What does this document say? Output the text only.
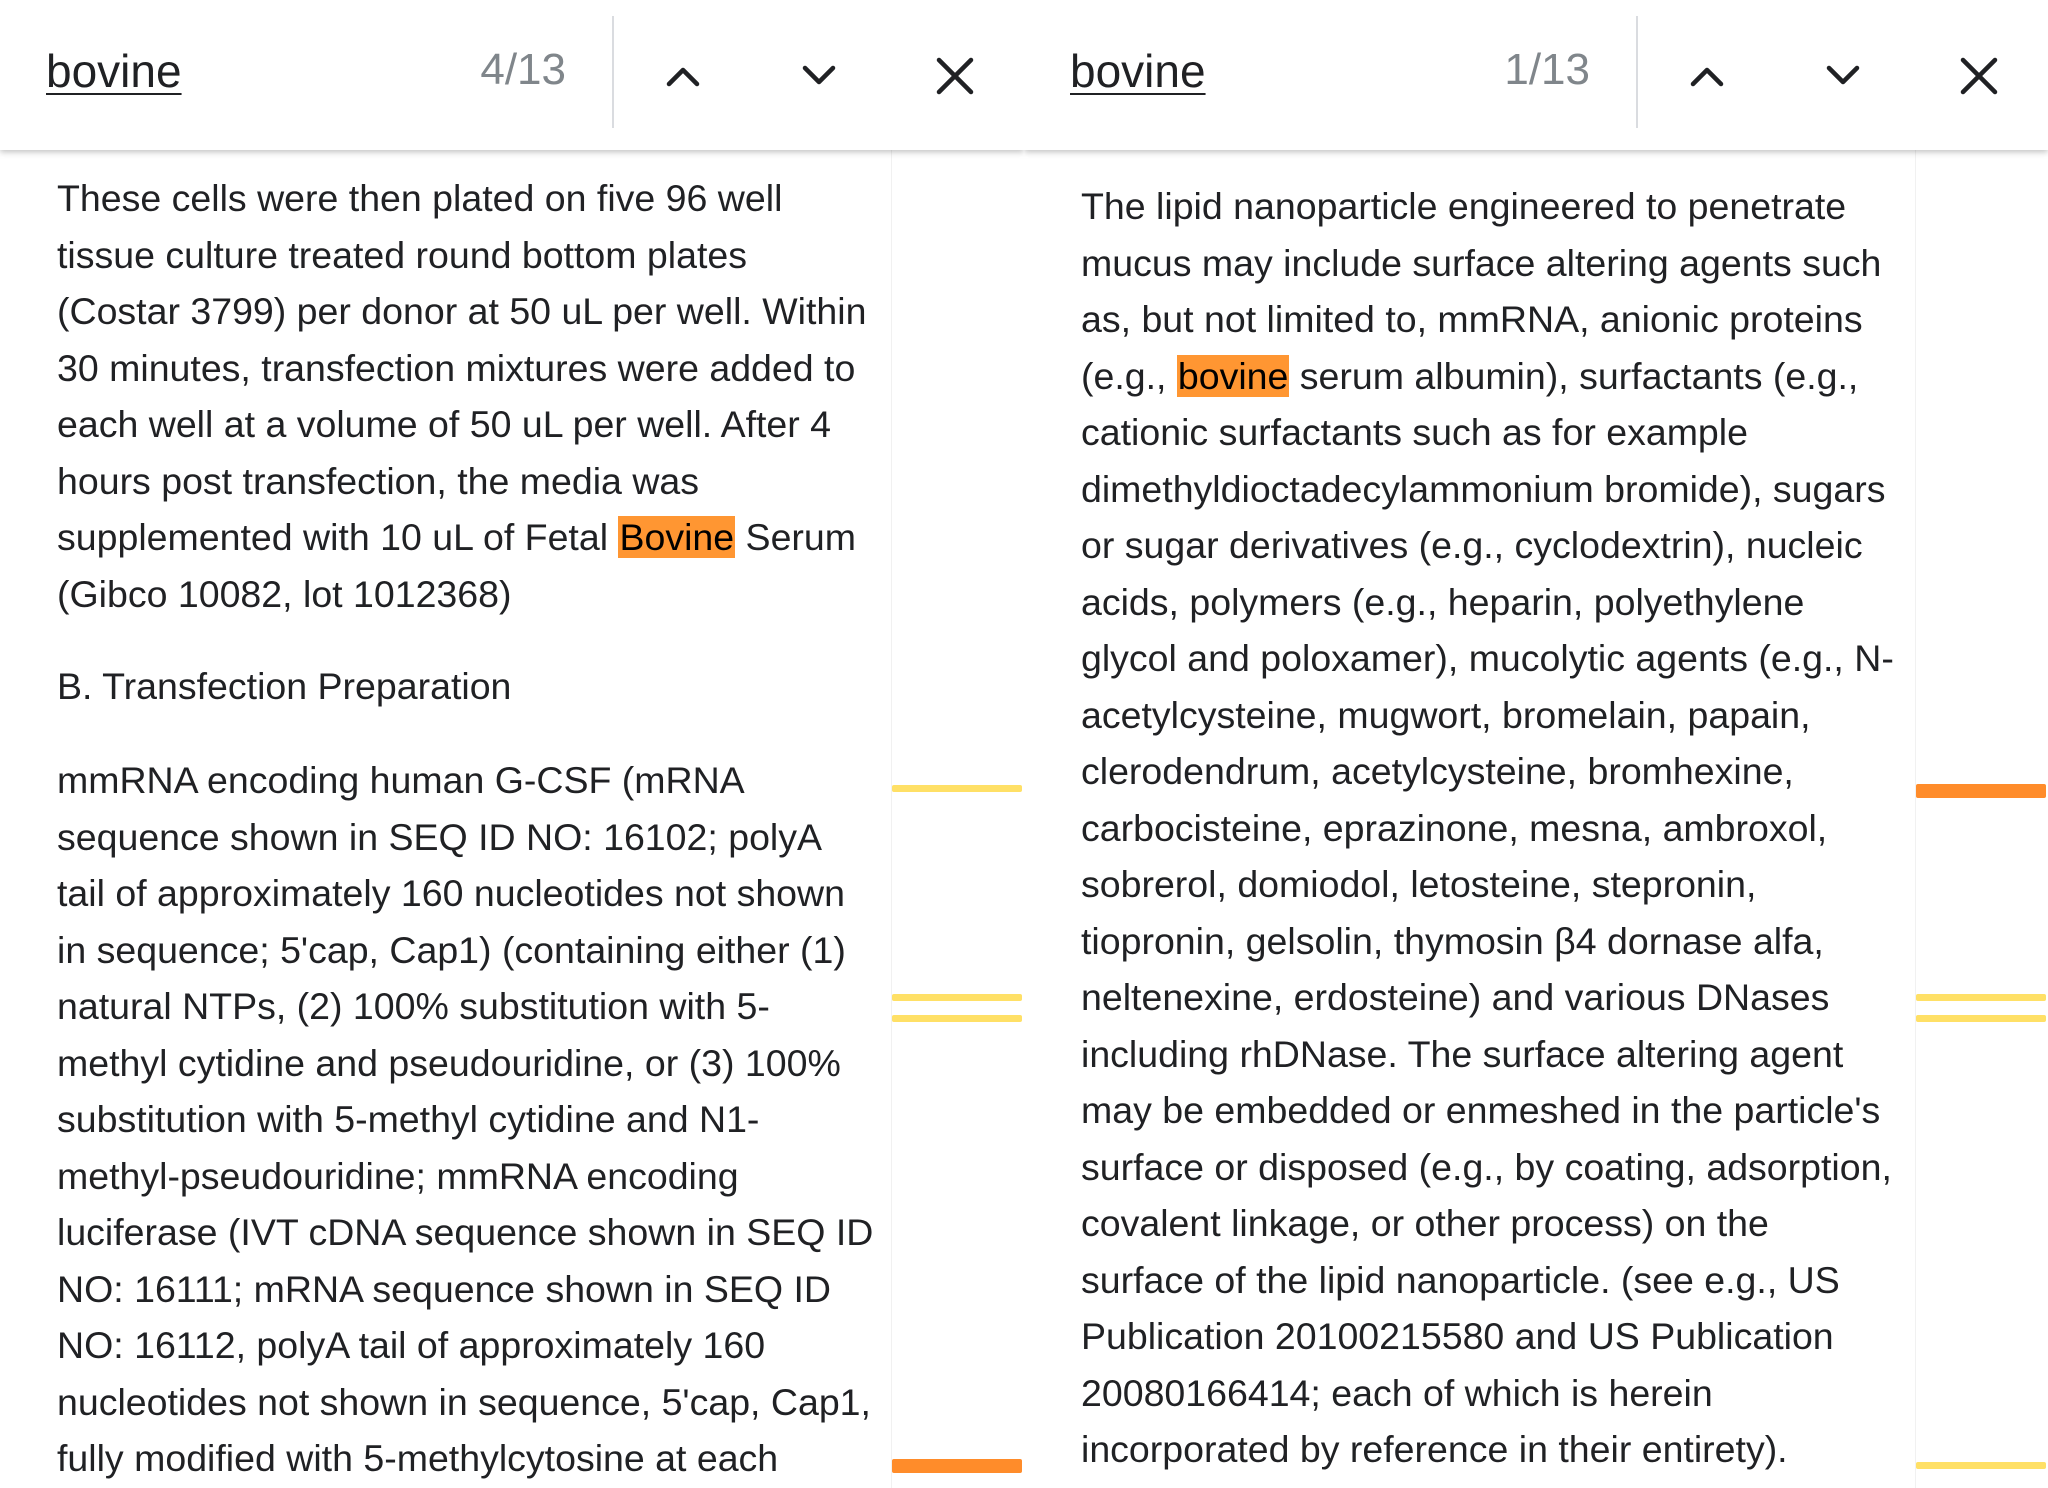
These cells were then plated on five 96 well tissue culture treated round bottom plates (Costar 3799) per donor at 50 uL per well. Within 30 minutes, transfection mixtures were added to each well at a volume of 50 uL per well. After 4 hours post transfection, the media was supplemented with 10 uL of Fetal Bovine Serum (Gibco 10082, lot 1012368)

B. Transfection Preparation
mmRNA encoding human G-CSF (mRNA sequence shown in SEQ ID NO: 16102; polyA tail of approximately 160 nucleotides not shown in sequence; 5'cap, Cap1) (containing either (1) natural NTPs, (2) 100% substitution with 5-methyl cytidine and pseudouridine, or (3) 100% substitution with 5-methyl cytidine and N1-methyl-pseudouridine; mmRNA encoding luciferase (IVT cDNA sequence shown in SEQ ID NO: 16111; mRNA sequence shown in SEQ ID NO: 16112, polyA tail of approximately 160 nucleotides not shown in sequence, 5'cap, Cap1, fully modified with 5-methylcytosine at each
bovine	4/13

The lipid nanoparticle engineered to penetrate mucus may include surface altering agents such as, but not limited to, mmRNA, anionic proteins (e.g., bovine serum albumin), surfactants (e.g., cationic surfactants such as for example dimethyldioctadecylammonium bromide), sugars or sugar derivatives (e.g., cyclodextrin), nucleic acids, polymers (e.g., heparin, polyethylene glycol and poloxamer), mucolytic agents (e.g., N-acetylcysteine, mugwort, bromelain, papain, clerodendrum, acetylcysteine, bromhexine, carbocisteine, eprazinone, mesna, ambroxol, sobrerol, domiodol, letosteine, stepronin, tiopronin, gelsolin, thymosin β4 dornase alfa, neltenexine, erdosteine) and various DNases including rhDNase. The surface altering agent may be embedded or enmeshed in the particle's surface or disposed (e.g., by coating, adsorption, covalent linkage, or other process) on the surface of the lipid nanoparticle. (see e.g., US Publication 20100215580 and US Publication 20080166414; each of which is herein incorporated by reference in their entirety).

bovine	1/13
